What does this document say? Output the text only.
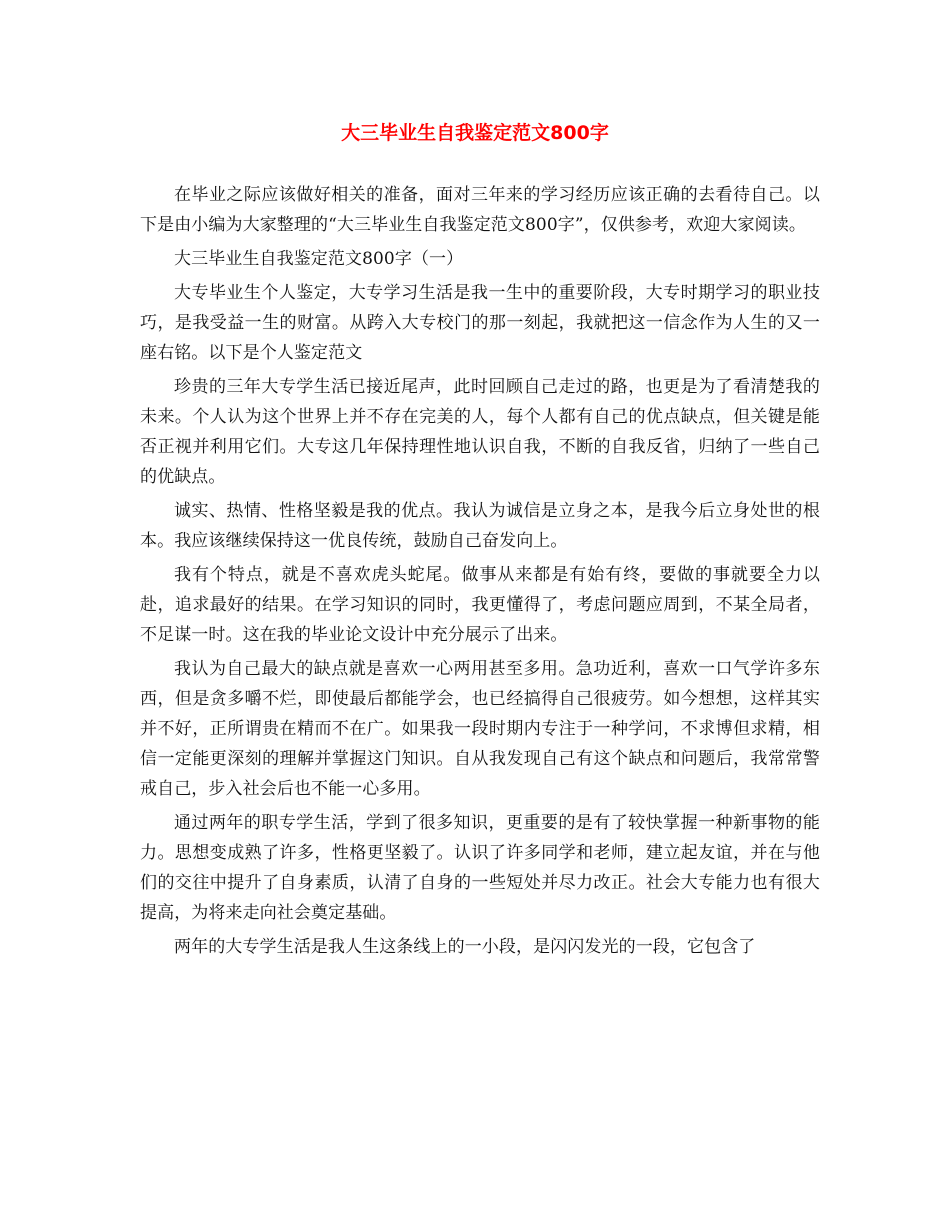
大三毕业生自我鉴定范文800字

在毕业之际应该做好相关的准备，面对三年来的学习经历应该正确的去看待自己。以下是由小编为大家整理的“大三毕业生自我鉴定范文800字”，仅供参考，欢迎大家阅读。

大三毕业生自我鉴定范文800字（一）

大专毕业生个人鉴定，大专学习生活是我一生中的重要阶段，大专时期学习的职业技巧，是我受益一生的财富。从跨入大专校门的那一刻起，我就把这一信念作为人生的又一座右铭。以下是个人鉴定范文

珍贵的三年大专学生活已接近尾声，此时回顾自己走过的路，也更是为了看清楚我的未来。个人认为这个世界上并不存在完美的人，每个人都有自己的优点缺点，但关键是能否正视并利用它们。大专这几年保持理性地认识自我，不断的自我反省，归纳了一些自己的优缺点。

诚实、热情、性格坚毅是我的优点。我认为诚信是立身之本，是我今后立身处世的根本。我应该继续保持这一优良传统，鼓励自己奋发向上。

我有个特点，就是不喜欢虎头蛇尾。做事从来都是有始有终，要做的事就要全力以赴，追求最好的结果。在学习知识的同时，我更懂得了，考虑问题应周到，不某全局者，不足谋一时。这在我的毕业论文设计中充分展示了出来。

我认为自己最大的缺点就是喜欢一心两用甚至多用。急功近利，喜欢一口气学许多东西，但是贪多嚼不烂，即使最后都能学会，也已经搞得自己很疲劳。如今想想，这样其实并不好，正所谓贵在精而不在广。如果我一段时期内专注于一种学问，不求博但求精，相信一定能更深刻的理解并掌握这门知识。自从我发现自己有这个缺点和问题后，我常常警戒自己，步入社会后也不能一心多用。

通过两年的职专学生活，学到了很多知识，更重要的是有了较快掌握一种新事物的能力。思想变成熟了许多，性格更坚毅了。认识了许多同学和老师，建立起友谊，并在与他们的交往中提升了自身素质，认清了自身的一些短处并尽力改正。社会大专能力也有很大提高，为将来走向社会奠定基础。

两年的大专学生活是我人生这条线上的一小段，是闪闪发光的一段，它包含了
